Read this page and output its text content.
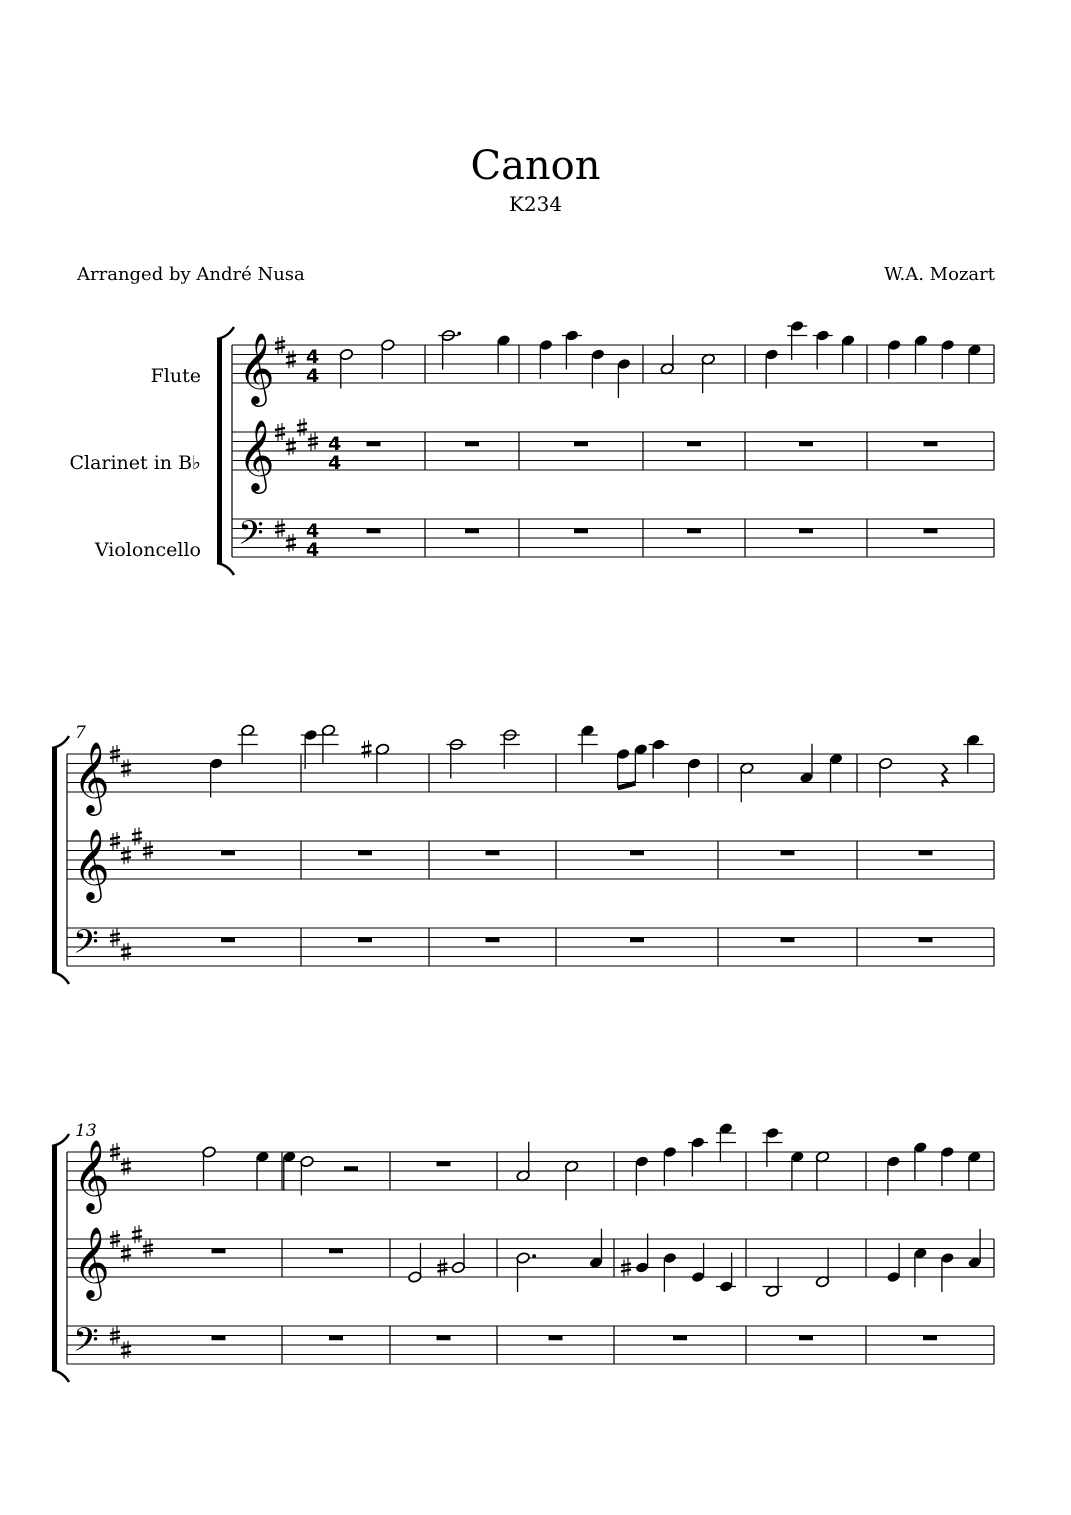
Canon
K234
Arranged by André Nusa	W.A. Mozart
Flute
Clarinet in B♭
Violoncello
𝄞 4
4
𝄞	4
4
𝄢 4
4
𝄞
𝄞
𝄢
7
𝄞
𝄞
𝄢
13
